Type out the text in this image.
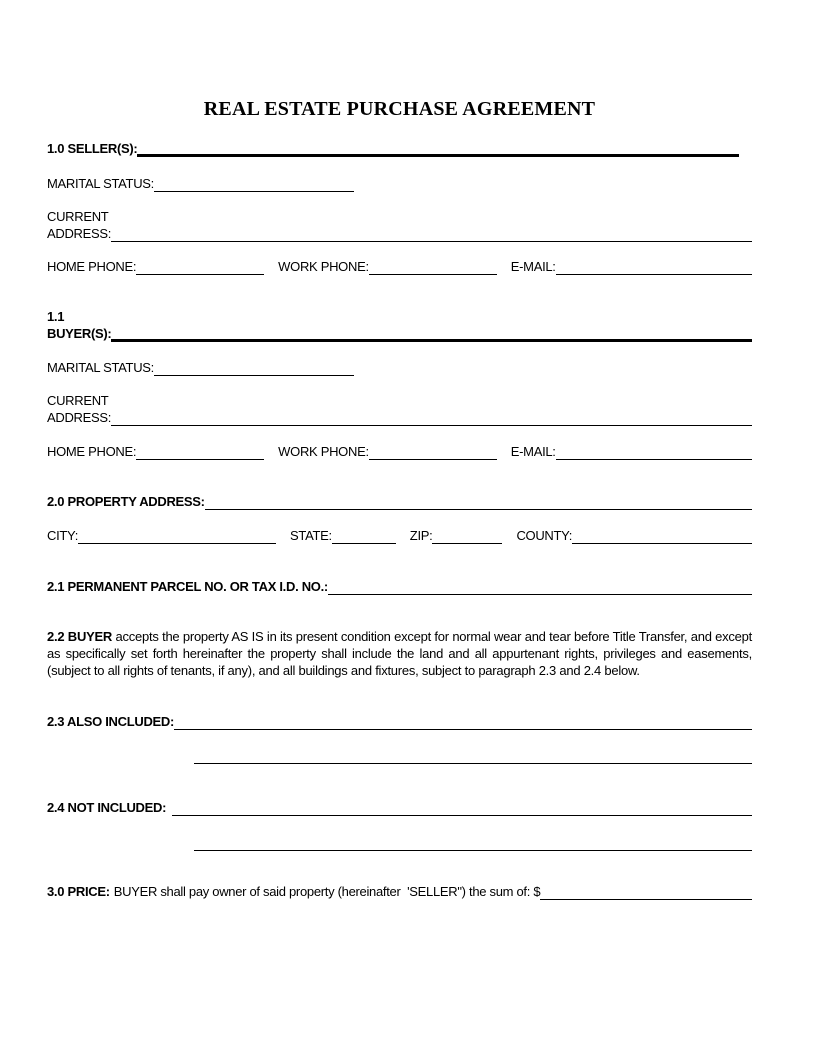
REAL ESTATE PURCHASE AGREEMENT
1.0 SELLER(S):
MARITAL STATUS:
CURRENT
ADDRESS:
HOME PHONE:	WORK PHONE:	E-MAIL:
1.1
BUYER(S):
MARITAL STATUS:
CURRENT
ADDRESS:
HOME PHONE:	WORK PHONE:	E-MAIL:
2.0 PROPERTY ADDRESS:
CITY:	STATE:	ZIP:	COUNTY:
2.1 PERMANENT PARCEL NO. OR TAX I.D. NO.:

2.2 BUYER accepts the property AS IS in its present condition except for normal wear and tear before Title Transfer, and except as specifically set forth hereinafter the property shall include the land and all appurtenant rights, privileges and easements, (subject to all rights of tenants, if any), and all buildings and fixtures, subject to paragraph 2.3 and 2.4 below.

2.3 ALSO INCLUDED:
2.4 NOT INCLUDED:
3.0 PRICE: BUYER shall pay owner of said property (hereinafter  'SELLER") the sum of: $
